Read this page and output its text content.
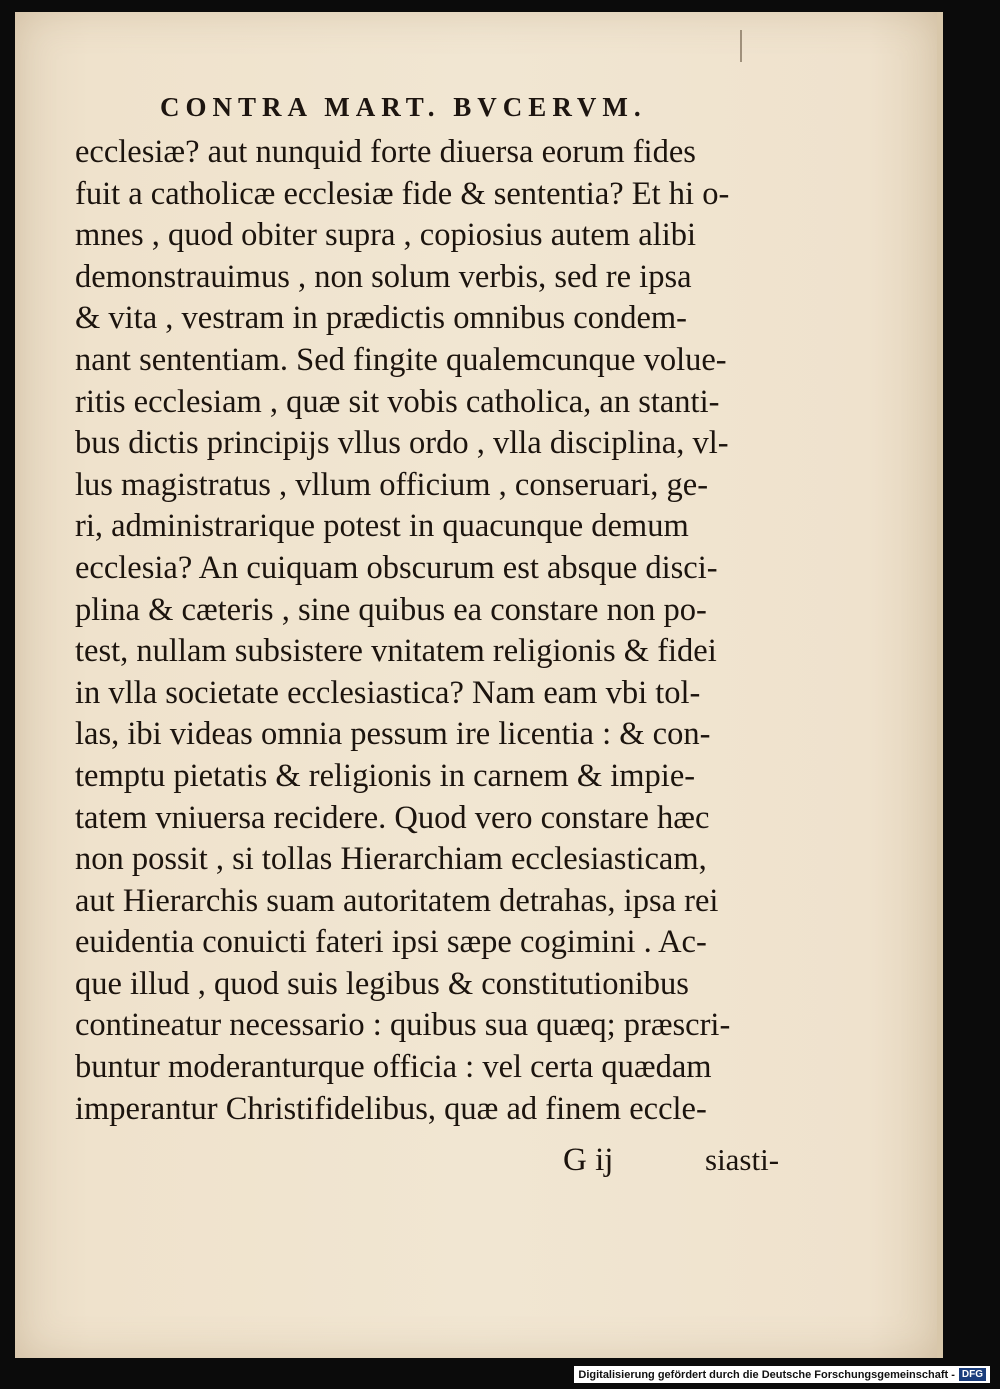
CONTRA MART. BVCERVM.
ecclesiæ? aut nunquid forte diuersa eorum fides
fuit a catholicæ ecclesiæ fide & sententia? Et hi o-
mnes , quod obiter supra , copiosius autem alibi
demonstrauimus , non solum verbis, sed re ipsa
& vita , vestram in prædictis omnibus condem-
nant sententiam. Sed fingite qualemcunque volue-
ritis ecclesiam , quæ sit vobis catholica, an stanti-
bus dictis principijs vllus ordo , vlla disciplina, vl-
lus magistratus , vllum officium , conseruari, ge-
ri, administrarique potest in quacunque demum
ecclesia? An cuiquam obscurum est absque disci-
plina & cæteris , sine quibus ea constare non po-
test, nullam subsistere vnitatem religionis & fidei
in vlla societate ecclesiastica? Nam eam vbi tol-
las, ibi videas omnia pessum ire licentia : & con-
temptu pietatis & religionis in carnem & impie-
tatem vniuersa recidere. Quod vero constare hæc
non possit , si tollas Hierarchiam ecclesiasticam,
aut Hierarchis suam autoritatem detrahas, ipsa rei
euidentia conuicti fateri ipsi sæpe cogimini . Ac-
que illud , quod suis legibus & constitutionibus
contineatur necessario : quibus sua quæq; præscri-
buntur moderanturque officia : vel certa quædam
imperantur Christifidelibus, quæ ad finem eccle-
G ij	siasti-
Digitalisierung gefördert durch die Deutsche Forschungsgemeinschaft - DFG
